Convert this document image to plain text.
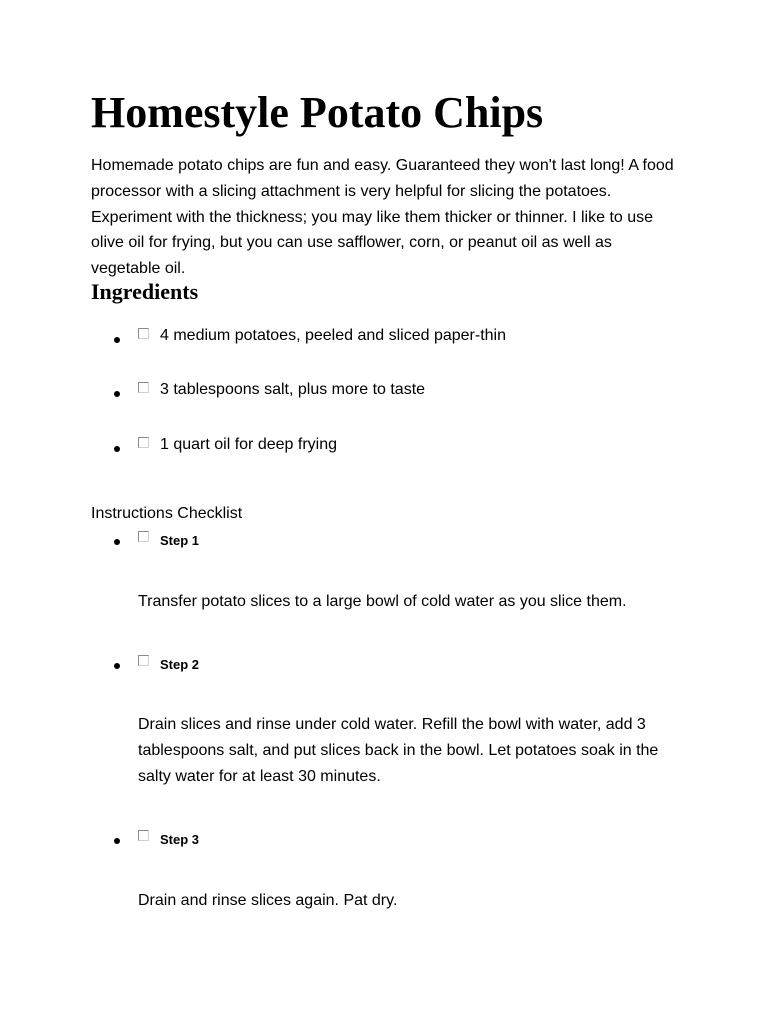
Homestyle Potato Chips

Homemade potato chips are fun and easy. Guaranteed they won't last long! A food processor with a slicing attachment is very helpful for slicing the potatoes. Experiment with the thickness; you may like them thicker or thinner. I like to use olive oil for frying, but you can use safflower, corn, or peanut oil as well as vegetable oil.

Ingredients
4 medium potatoes, peeled and sliced paper-thin
3 tablespoons salt, plus more to taste
1 quart oil for deep frying
Instructions Checklist
Step 1

Transfer potato slices to a large bowl of cold water as you slice them.

Step 2

Drain slices and rinse under cold water. Refill the bowl with water, add 3 tablespoons salt, and put slices back in the bowl. Let potatoes soak in the salty water for at least 30 minutes.

Step 3

Drain and rinse slices again. Pat dry.
